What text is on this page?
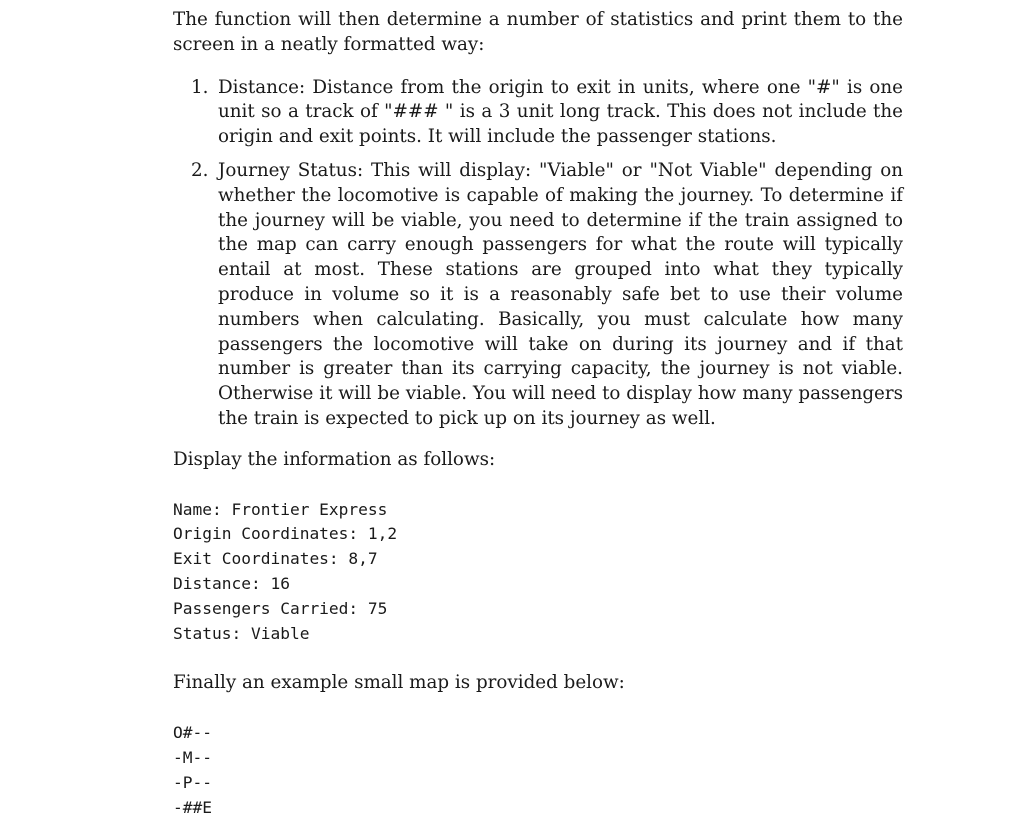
The function will then determine a number of statistics and print them to the screen in a neatly formatted way:

1. Distance: Distance from the origin to exit in units, where one "#" is one unit so a track of "### " is a 3 unit long track. This does not include the origin and exit points. It will include the passenger stations.
2. Journey Status: This will display: "Viable" or "Not Viable" depending on whether the locomotive is capable of making the journey. To determine if the journey will be viable, you need to determine if the train assigned to the map can carry enough passengers for what the route will typically entail at most. These stations are grouped into what they typically produce in volume so it is a reasonably safe bet to use their volume numbers when calculating. Basically, you must calculate how many passengers the locomotive will take on during its journey and if that number is greater than its carrying capacity, the journey is not viable. Otherwise it will be viable. You will need to display how many passengers the train is expected to pick up on its journey as well.

Display the information as follows:

Name: Frontier Express
Origin Coordinates: 1,2
Exit Coordinates: 8,7
Distance: 16
Passengers Carried: 75
Status: Viable

Finally an example small map is provided below:

O#--
-M--
-P--
-##E
